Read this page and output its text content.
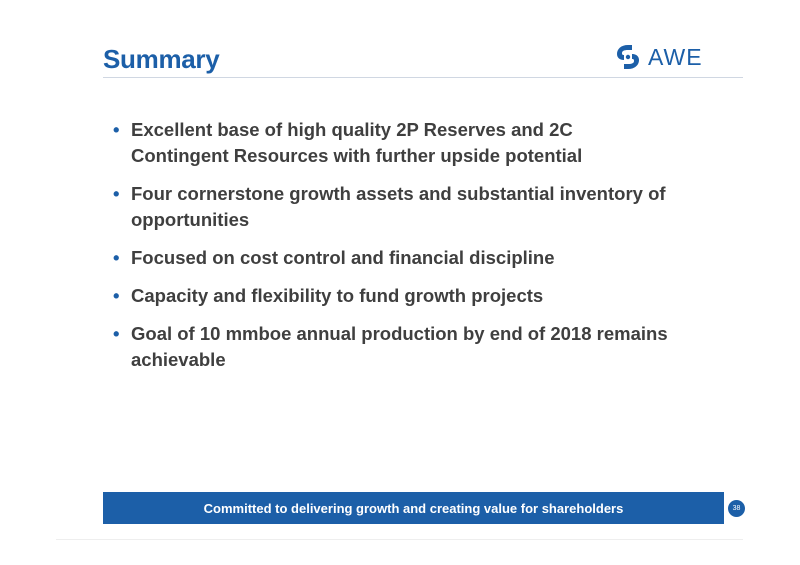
Summary	AWE
• Excellent base of high quality 2P Reserves and 2C Contingent Resources with further upside potential
• Four cornerstone growth assets and substantial inventory of opportunities
• Focused on cost control and financial discipline
• Capacity and flexibility to fund growth projects
• Goal of 10 mmboe annual production by end of 2018 remains achievable
Committed to delivering growth and creating value for shareholders	38
